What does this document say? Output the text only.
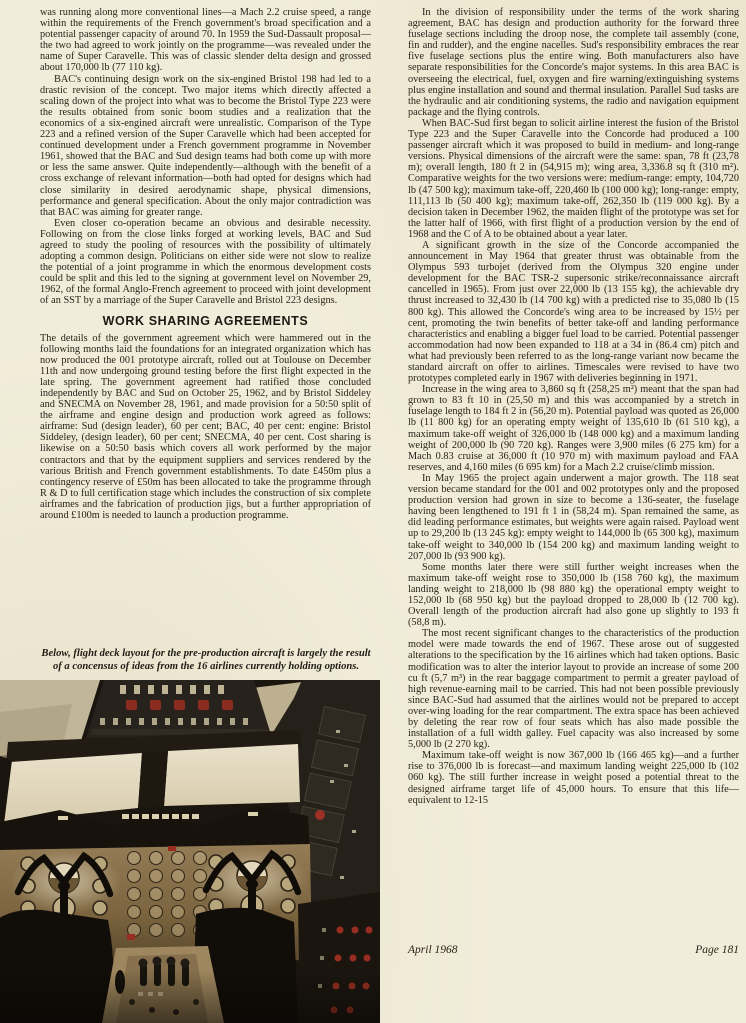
was running along more conventional lines—a Mach 2.2 cruise speed, a range within the requirements of the French government's broad specification and a potential passenger capacity of around 70. In 1959 the Sud-Dassault proposal—the two had agreed to work jointly on the programme—was revealed under the name of Super Caravelle. This was of classic slender delta design and grossed about 170,000 lb (77 110 kg).

BAC's continuing design work on the six-engined Bristol 198 had led to a drastic revision of the concept. Two major items which directly affected a scaling down of the project into what was to become the Bristol Type 223 were the results obtained from sonic boom studies and a realization that the economics of a six-engined aircraft were unrealistic. Comparison of the Type 223 and a refined version of the Super Caravelle which had been accepted for continued development under a French government programme in November 1961, showed that the BAC and Sud design teams had both come up with more or less the same answer. Quite independently—although with the benefit of a cross exchange of relevant information—both had opted for designs which had close similarity in desired aerodynamic shape, physical dimensions, performance and general specification. About the only major contradiction was that BAC was aiming for greater range.

Even closer co-operation became an obvious and desirable necessity. Following on from the close links forged at working levels, BAC and Sud agreed to study the pooling of resources with the possibility of ultimately adopting a common design. Politicians on either side were not slow to realize the potential of a joint programme in which the enormous development costs could be split and this led to the signing at government level on November 29, 1962, of the formal Anglo-French agreement to proceed with joint development of an SST by a marriage of the Super Caravelle and Bristol 223 designs.

WORK SHARING AGREEMENTS

The details of the government agreement which were hammered out in the following months laid the foundations for an integrated organization which has now produced the 001 prototype aircraft, rolled out at Toulouse on December 11th and now undergoing ground testing before the first flight expected in the late spring. The government agreement had ratified those concluded independently by BAC and Sud on October 25, 1962, and by Bristol Siddeley and SNECMA on November 28, 1961, and made provision for a 50:50 split of the airframe and engine design and production work agreed as follows: airframe: Sud (design leader), 60 per cent; BAC, 40 per cent: engine: Bristol Siddeley, (design leader), 60 per cent; SNECMA, 40 per cent. Cost sharing is likewise on a 50:50 basis which covers all work performed by the major contractors and that by the equipment suppliers and services rendered by the various British and French government establishments. To date £450m plus a contingency reserve of £50m has been allocated to take the programme through R & D to full certification stage which includes the construction of six complete airframes and the fabrication of production jigs, but a further appropriation of around £100m is needed to launch a production programme.

In the division of responsibility under the terms of the work sharing agreement, BAC has design and production authority for the forward three fuselage sections including the droop nose, the complete tail assembly (cone, fin and rudder), and the engine nacelles. Sud's responsibility embraces the rear five fuselage sections plus the entire wing. Both manufacturers also have separate responsibilities for the Concorde's major systems. In this area BAC is overseeing the electrical, fuel, oxygen and fire warning/extinguishing systems plus engine installation and sound and thermal insulation. Parallel Sud tasks are the hydraulic and air conditioning systems, the radio and navigation equipment package and the flying controls.

When BAC-Sud first began to solicit airline interest the fusion of the Bristol Type 223 and the Super Caravelle into the Concorde had produced a 100 passenger aircraft which it was proposed to build in medium- and long-range versions. Physical dimensions of the aircraft were the same: span, 78 ft (23,78 m); overall length, 180 ft 2 in (54,915 m); wing area, 3,336.8 sq ft (310 m²). Comparative weights for the two versions were: medium-range: empty, 104,720 lb (47 500 kg); maximum take-off, 220,460 lb (100 000 kg); long-range: empty, 111,113 lb (50 400 kg); maximum take-off, 262,350 lb (119 000 kg). By a decision taken in December 1962, the maiden flight of the prototype was set for the latter half of 1966, with first flight of a production version by the end of 1968 and the C of A to be obtained about a year later.

A significant growth in the size of the Concorde accompanied the announcement in May 1964 that greater thrust was obtainable from the Olympus 593 turbojet (derived from the Olympus 320 engine under development for the BAC TSR-2 supersonic strike/reconnaissance aircraft cancelled in 1965). From just over 22,000 lb (13 155 kg), the achievable dry thrust increased to 32,430 lb (14 700 kg) with a predicted rise to 35,080 lb (15 800 kg). This allowed the Concorde's wing area to be increased by 15½ per cent, promoting the twin benefits of better take-off and landing performance characteristics and enabling a bigger fuel load to be carried. Potential passenger accommodation had now been expanded to 118 at a 34 in (86.4 cm) pitch and what had previously been referred to as the long-range variant now became the standard aircraft on offer to airlines. Timescales were revised to have two prototypes completed early in 1967 with deliveries beginning in 1971.

Increase in the wing area to 3,860 sq ft (258,25 m²) meant that the span had grown to 83 ft 10 in (25,50 m) and this was accompanied by a stretch in fuselage length to 184 ft 2 in (56,20 m). Potential payload was quoted as 26,000 lb (11 800 kg) for an operating empty weight of 135,610 lb (61 510 kg), a maximum take-off weight of 326,000 lb (148 000 kg) and a maximum landing weight of 200,000 lb (90 720 kg). Ranges were 3,900 miles (6 275 km) for a Mach 0.83 cruise at 36,000 ft (10 970 m) with maximum payload and FAA reserves, and 4,160 miles (6 695 km) for a Mach 2.2 cruise/climb mission.

In May 1965 the project again underwent a major growth. The 118 seat version became standard for the 001 and 002 prototypes only and the proposed production version had grown in size to become a 136-seater, the fuselage having been lengthened to 191 ft 1 in (58,24 m). Span remained the same, as did leading performance estimates, but weights were again raised. Payload went up to 29,200 lb (13 245 kg): empty weight to 144,000 lb (65 300 kg), maximum take-off weight to 340,000 lb (154 200 kg) and maximum landing weight to 207,000 lb (93 900 kg).

Some months later there were still further weight increases when the maximum take-off weight rose to 350,000 lb (158 760 kg), the maximum landing weight to 218,000 lb (98 880 kg) the operational empty weight to 152,000 lb (68 950 kg) but the payload dropped to 28,000 lb (12 700 kg). Overall length of the production aircraft had also gone up slightly to 193 ft (58,8 m).

The most recent significant changes to the characteristics of the production model were made towards the end of 1967. These arose out of suggested alterations to the specification by the 16 airlines which had taken options. Basic modification was to alter the interior layout to provide an increase of some 200 cu ft (5,7 m³) in the rear baggage compartment to permit a greater payload of high revenue-earning mail to be carried. This had not been possible previously since BAC-Sud had assumed that the airlines would not be prepared to accept over-wing loading for the rear compartment. The extra space has been achieved by deleting the rear row of four seats which has also made possible the installation of a full width galley. Fuel capacity was also increased by some 5,000 lb (2 270 kg).

Maximum take-off weight is now 367,000 lb (166 465 kg)—and a further rise to 376,000 lb is forecast—and maximum landing weight 225,000 lb (102 060 kg). The still further increase in weight posed a potential threat to the designed airframe target life of 45,000 hours. To ensure that this life—equivalent to 12-15

Below, flight deck layout for the pre-production aircraft is largely the result
of a concensus of ideas from the 16 airlines currently holding options.
April 1968	Page 181
